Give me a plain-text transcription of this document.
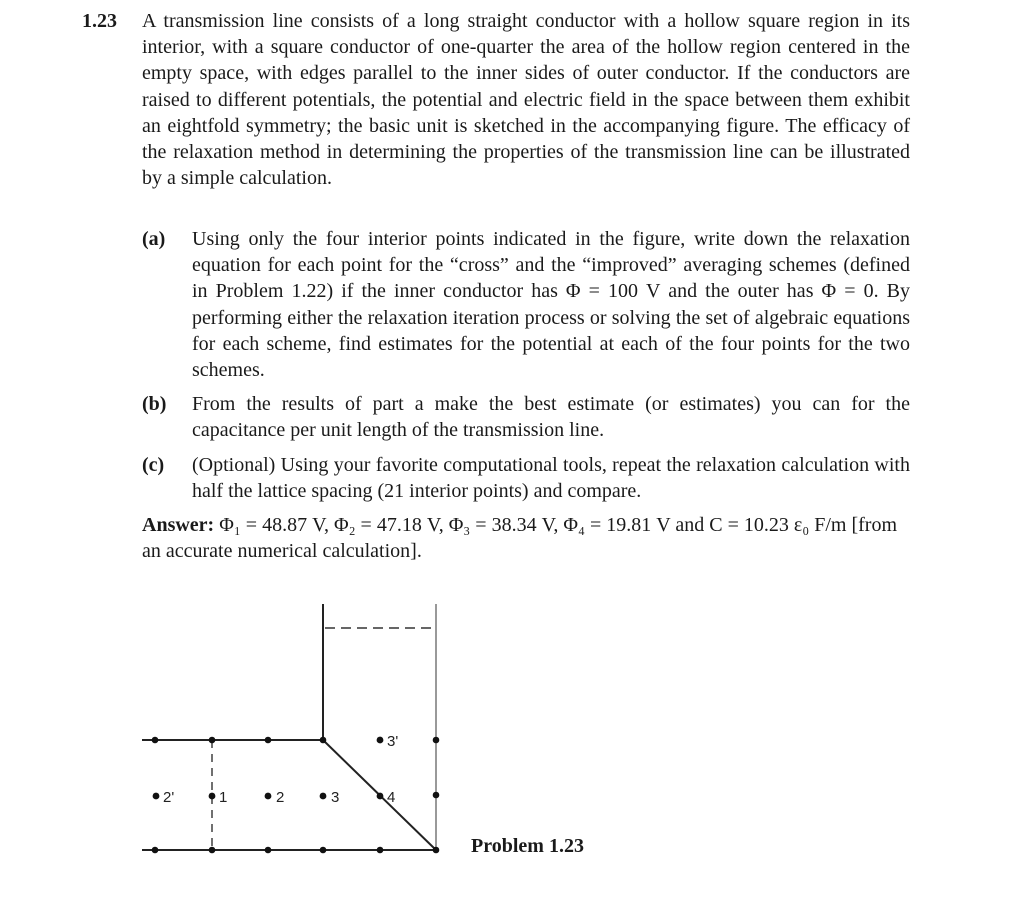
1.23 A transmission line consists of a long straight conductor with a hollow square region in its interior, with a square conductor of one-quarter the area of the hollow region centered in the empty space, with edges parallel to the inner sides of outer conductor. If the conductors are raised to different potentials, the potential and electric field in the space between them exhibit an eightfold symmetry; the basic unit is sketched in the accompanying figure. The efficacy of the relaxation method in determining the properties of the transmission line can be illustrated by a simple calculation.

(a) Using only the four interior points indicated in the figure, write down the relaxation equation for each point for the “cross” and the “improved” averaging schemes (defined in Problem 1.22) if the inner conductor has Φ = 100 V and the outer has Φ = 0. By performing either the relaxation iteration process or solving the set of algebraic equations for each scheme, find estimates for the potential at each of the four points for the two schemes.

(b) From the results of part a make the best estimate (or estimates) you can for the capacitance per unit length of the transmission line.

(c) (Optional) Using your favorite computational tools, repeat the relaxation calculation with half the lattice spacing (21 interior points) and compare.

Answer: Φ₁ = 48.87 V, Φ₂ = 47.18 V, Φ₃ = 38.34 V, Φ₄ = 19.81 V and C = 10.23 ε₀ F/m [from an accurate numerical calculation].

2'	1	2	3	4
3'
Problem 1.23
